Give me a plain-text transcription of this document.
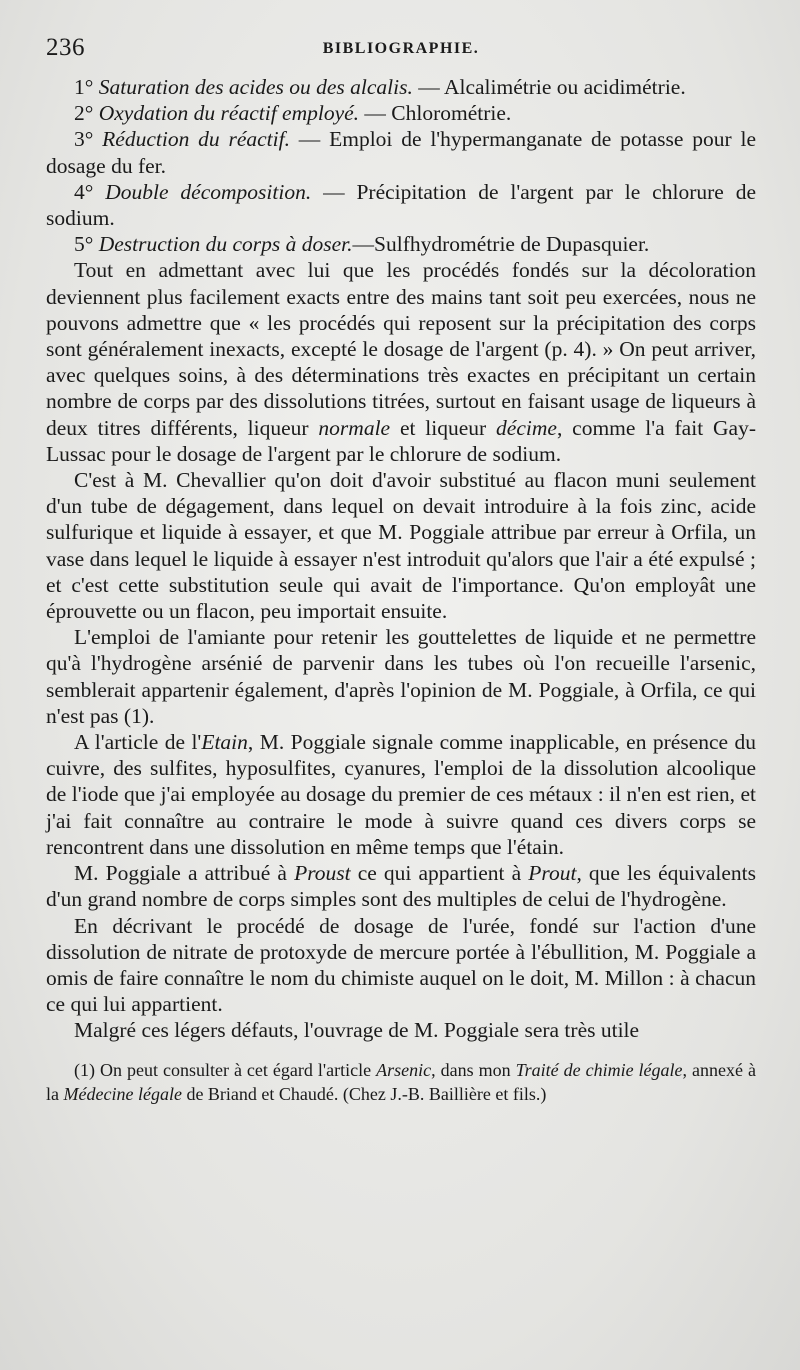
236	BIBLIOGRAPHIE.

1° Saturation des acides ou des alcalis. — Alcalimétrie ou acidimétrie.

2° Oxydation du réactif employé. — Chlorométrie.

3° Réduction du réactif. — Emploi de l'hypermanganate de potasse pour le dosage du fer.

4° Double décomposition. — Précipitation de l'argent par le chlorure de sodium.

5° Destruction du corps à doser.—Sulfhydrométrie de Dupasquier.

Tout en admettant avec lui que les procédés fondés sur la décoloration deviennent plus facilement exacts entre des mains tant soit peu exercées, nous ne pouvons admettre que « les procédés qui reposent sur la précipitation des corps sont généralement inexacts, excepté le dosage de l'argent (p. 4). » On peut arriver, avec quelques soins, à des déterminations très exactes en précipitant un certain nombre de corps par des dissolutions titrées, surtout en faisant usage de liqueurs à deux titres différents, liqueur normale et liqueur décime, comme l'a fait Gay-Lussac pour le dosage de l'argent par le chlorure de sodium.

C'est à M. Chevallier qu'on doit d'avoir substitué au flacon muni seulement d'un tube de dégagement, dans lequel on devait introduire à la fois zinc, acide sulfurique et liquide à essayer, et que M. Poggiale attribue par erreur à Orfila, un vase dans lequel le liquide à essayer n'est introduit qu'alors que l'air a été expulsé ; et c'est cette substitution seule qui avait de l'importance. Qu'on employât une éprouvette ou un flacon, peu importait ensuite.

L'emploi de l'amiante pour retenir les gouttelettes de liquide et ne permettre qu'à l'hydrogène arsénié de parvenir dans les tubes où l'on recueille l'arsenic, semblerait appartenir également, d'après l'opinion de M. Poggiale, à Orfila, ce qui n'est pas (1).

A l'article de l'Etain, M. Poggiale signale comme inapplicable, en présence du cuivre, des sulfites, hyposulfites, cyanures, l'emploi de la dissolution alcoolique de l'iode que j'ai employée au dosage du premier de ces métaux : il n'en est rien, et j'ai fait connaître au contraire le mode à suivre quand ces divers corps se rencontrent dans une dissolution en même temps que l'étain.

M. Poggiale a attribué à Proust ce qui appartient à Prout, que les équivalents d'un grand nombre de corps simples sont des multiples de celui de l'hydrogène.

En décrivant le procédé de dosage de l'urée, fondé sur l'action d'une dissolution de nitrate de protoxyde de mercure portée à l'ébullition, M. Poggiale a omis de faire connaître le nom du chimiste auquel on le doit, M. Millon : à chacun ce qui lui appartient.

Malgré ces légers défauts, l'ouvrage de M. Poggiale sera très utile

(1) On peut consulter à cet égard l'article Arsenic, dans mon Traité de chimie légale, annexé à la Médecine légale de Briand et Chaudé. (Chez J.-B. Baillière et fils.)
